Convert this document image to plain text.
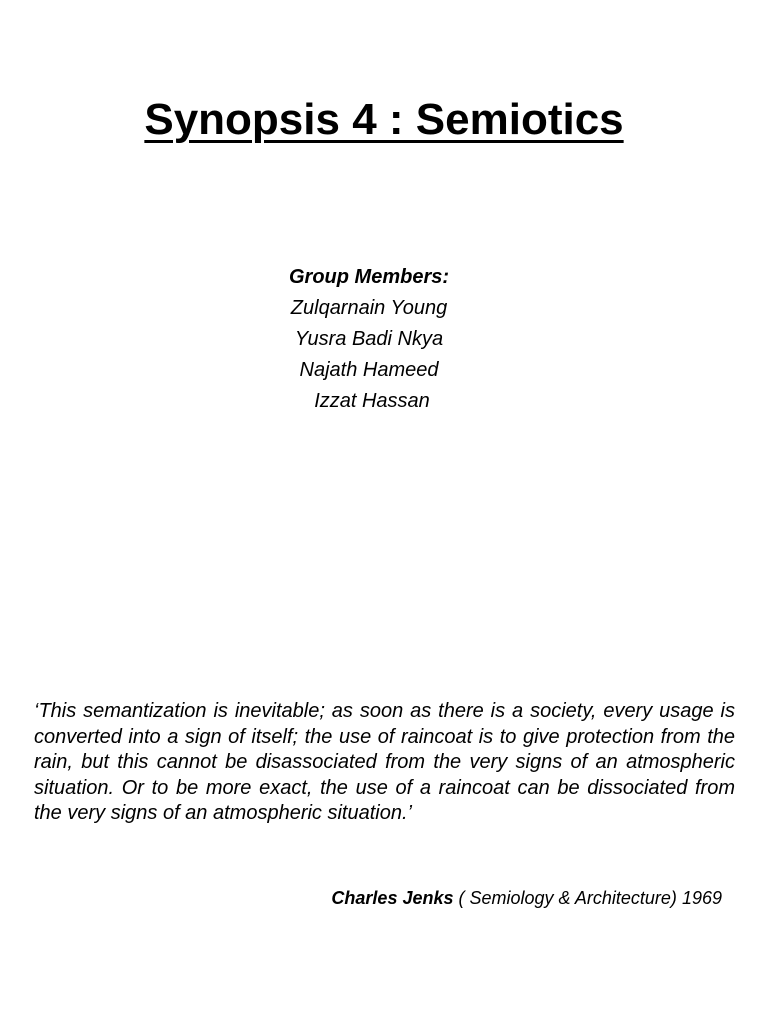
Synopsis 4 : Semiotics
Group Members:
Zulqarnain Young
Yusra Badi Nkya
Najath Hameed
Izzat Hassan

‘This semantization is inevitable; as soon as there is a society, every usage is converted into a sign of itself; the use of raincoat is to give protection from the rain, but this cannot be disassociated from the very signs of an atmospheric situation. Or to be more exact, the use of a raincoat can be dissociated from the very signs of an atmospheric situation.’

Charles Jenks ( Semiology & Architecture) 1969
